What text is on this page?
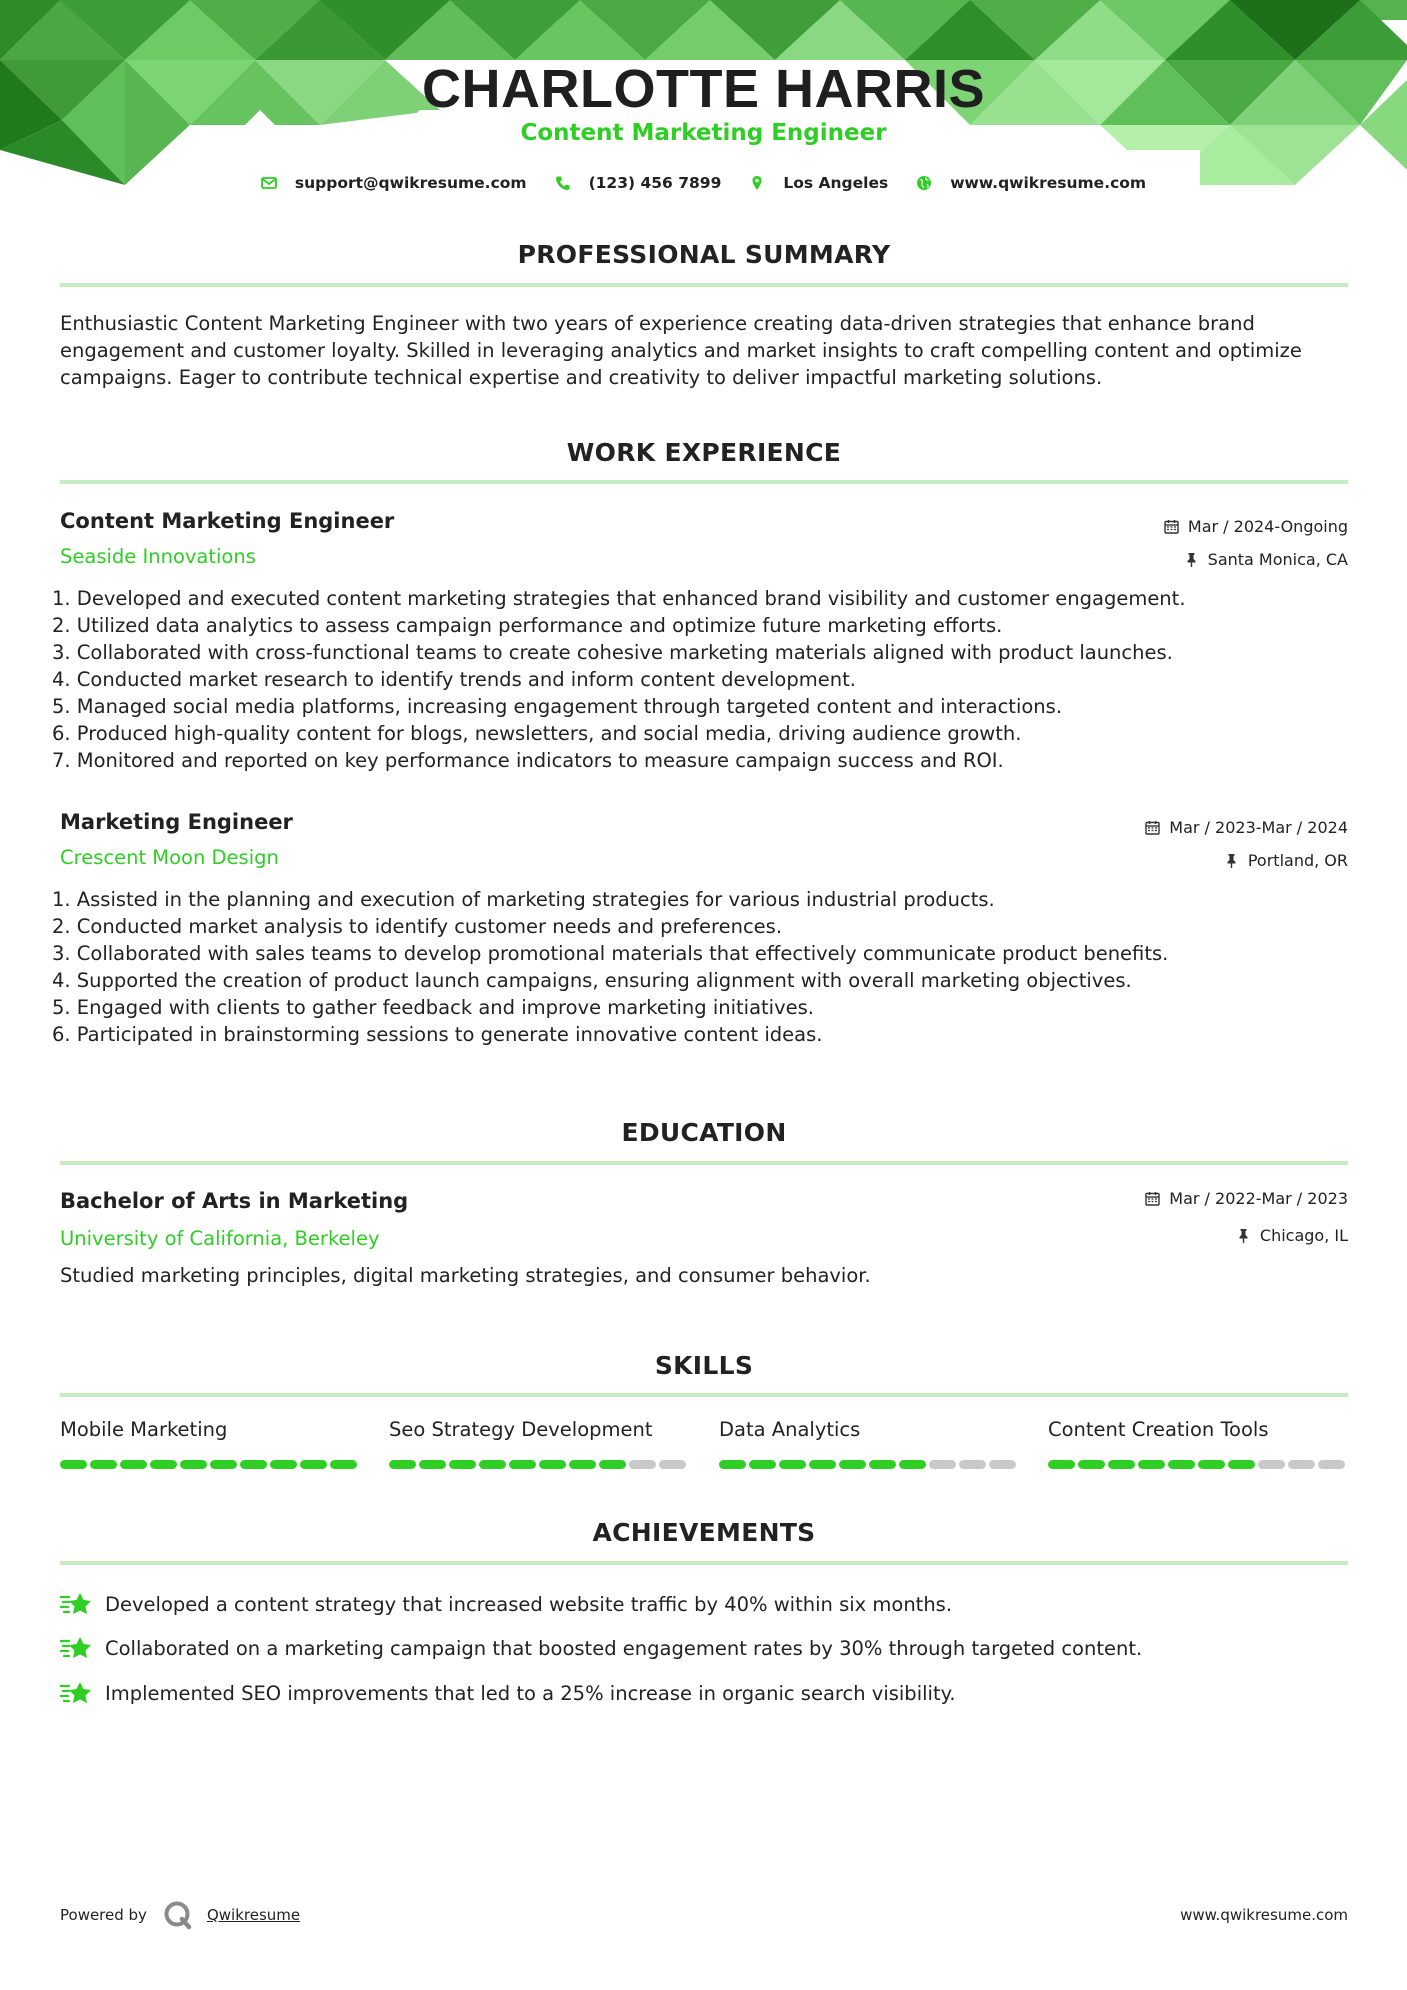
CHARLOTTE HARRIS
Content Marketing Engineer
support@qwikresume.com	(123) 456 7899	Los Angeles	www.qwikresume.com
PROFESSIONAL SUMMARY
Enthusiastic Content Marketing Engineer with two years of experience creating data-driven strategies that enhance brand engagement and customer loyalty. Skilled in leveraging analytics and market insights to craft compelling content and optimize campaigns. Eager to contribute technical expertise and creativity to deliver impactful marketing solutions.
WORK EXPERIENCE
Content Marketing Engineer	Mar / 2024-Ongoing
Seaside Innovations	Santa Monica, CA
1. Developed and executed content marketing strategies that enhanced brand visibility and customer engagement.
2. Utilized data analytics to assess campaign performance and optimize future marketing efforts.
3. Collaborated with cross-functional teams to create cohesive marketing materials aligned with product launches.
4. Conducted market research to identify trends and inform content development.
5. Managed social media platforms, increasing engagement through targeted content and interactions.
6. Produced high-quality content for blogs, newsletters, and social media, driving audience growth.
7. Monitored and reported on key performance indicators to measure campaign success and ROI.
Marketing Engineer	Mar / 2023-Mar / 2024
Crescent Moon Design	Portland, OR
1. Assisted in the planning and execution of marketing strategies for various industrial products.
2. Conducted market analysis to identify customer needs and preferences.
3. Collaborated with sales teams to develop promotional materials that effectively communicate product benefits.
4. Supported the creation of product launch campaigns, ensuring alignment with overall marketing objectives.
5. Engaged with clients to gather feedback and improve marketing initiatives.
6. Participated in brainstorming sessions to generate innovative content ideas.
EDUCATION
Bachelor of Arts in Marketing	Mar / 2022-Mar / 2023
University of California, Berkeley	Chicago, IL
Studied marketing principles, digital marketing strategies, and consumer behavior.
SKILLS
Mobile Marketing	Seo Strategy Development	Data Analytics	Content Creation Tools
ACHIEVEMENTS
Developed a content strategy that increased website traffic by 40% within six months.
Collaborated on a marketing campaign that boosted engagement rates by 30% through targeted content.
Implemented SEO improvements that led to a 25% increase in organic search visibility.
Powered by	Qwikresume	www.qwikresume.com
